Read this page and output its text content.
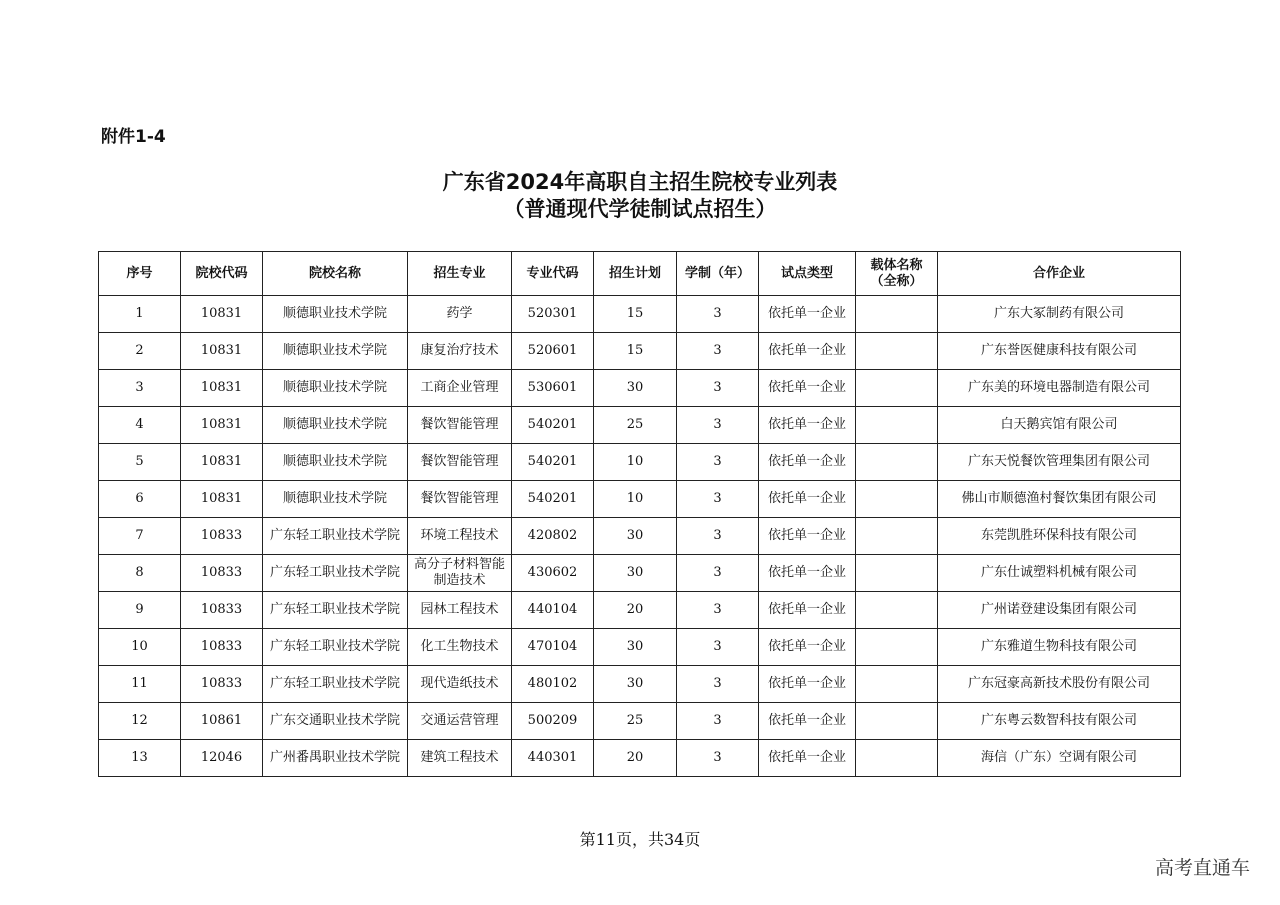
附件1-4
广东省2024年高职自主招生院校专业列表
（普通现代学徒制试点招生）
序号	院校代码	院校名称	招生专业	专业代码	招生计划	学制（年）	试点类型	载体名称（全称）	合作企业
1	10831	顺德职业技术学院	药学	520301	15	3	依托单一企业		广东大冢制药有限公司
2	10831	顺德职业技术学院	康复治疗技术	520601	15	3	依托单一企业		广东誉医健康科技有限公司
3	10831	顺德职业技术学院	工商企业管理	530601	30	3	依托单一企业		广东美的环境电器制造有限公司
4	10831	顺德职业技术学院	餐饮智能管理	540201	25	3	依托单一企业		白天鹅宾馆有限公司
5	10831	顺德职业技术学院	餐饮智能管理	540201	10	3	依托单一企业		广东天悦餐饮管理集团有限公司
6	10831	顺德职业技术学院	餐饮智能管理	540201	10	3	依托单一企业		佛山市顺德渔村餐饮集团有限公司
7	10833	广东轻工职业技术学院	环境工程技术	420802	30	3	依托单一企业		东莞凯胜环保科技有限公司
8	10833	广东轻工职业技术学院	高分子材料智能制造技术	430602	30	3	依托单一企业		广东仕诚塑料机械有限公司
9	10833	广东轻工职业技术学院	园林工程技术	440104	20	3	依托单一企业		广州诺登建设集团有限公司
10	10833	广东轻工职业技术学院	化工生物技术	470104	30	3	依托单一企业		广东雅道生物科技有限公司
11	10833	广东轻工职业技术学院	现代造纸技术	480102	30	3	依托单一企业		广东冠豪高新技术股份有限公司
12	10861	广东交通职业技术学院	交通运营管理	500209	25	3	依托单一企业		广东粤云数智科技有限公司
13	12046	广州番禺职业技术学院	建筑工程技术	440301	20	3	依托单一企业		海信（广东）空调有限公司
第11页，共34页
高考直通车
